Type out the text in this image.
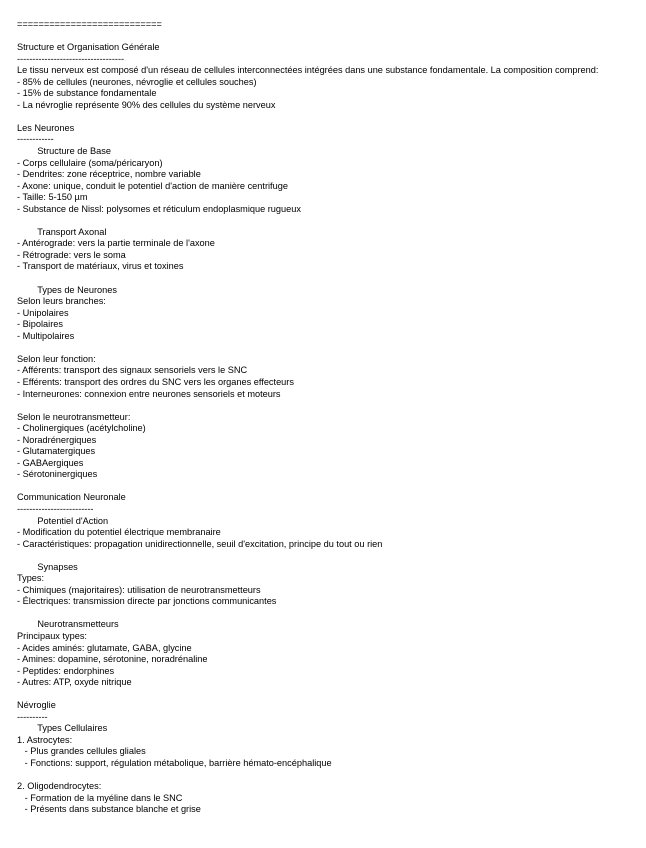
===========================

Structure et Organisation Générale
-----------------------------------
Le tissu nerveux est composé d'un réseau de cellules interconnectées intégrées dans une substance fondamentale. La composition comprend:
- 85% de cellules (neurones, névroglie et cellules souches)
- 15% de substance fondamentale
- La névroglie représente 90% des cellules du système nerveux

Les Neurones
------------
Structure de Base
- Corps cellulaire (soma/péricaryon)
- Dendrites: zone réceptrice, nombre variable
- Axone: unique, conduit le potentiel d'action de manière centrifuge
- Taille: 5-150 µm
- Substance de Nissl: polysomes et réticulum endoplasmique rugueux

Transport Axonal
- Antérograde: vers la partie terminale de l'axone
- Rétrograde: vers le soma
- Transport de matériaux, virus et toxines

Types de Neurones
Selon leurs branches:
- Unipolaires
- Bipolaires
- Multipolaires

Selon leur fonction:
- Afférents: transport des signaux sensoriels vers le SNC
- Efférents: transport des ordres du SNC vers les organes effecteurs
- Interneurones: connexion entre neurones sensoriels et moteurs

Selon le neurotransmetteur:
- Cholinergiques (acétylcholine)
- Noradrénergiques
- Glutamatergiques
- GABAergiques
- Sérotoninergiques

Communication Neuronale
-------------------------
Potentiel d'Action
- Modification du potentiel électrique membranaire
- Caractéristiques: propagation unidirectionnelle, seuil d'excitation, principe du tout ou rien

Synapses
Types:
- Chimiques (majoritaires): utilisation de neurotransmetteurs
- Électriques: transmission directe par jonctions communicantes

Neurotransmetteurs
Principaux types:
- Acides aminés: glutamate, GABA, glycine
- Amines: dopamine, sérotonine, noradrénaline
- Peptides: endorphines
- Autres: ATP, oxyde nitrique

Névroglie
----------
Types Cellulaires
1. Astrocytes:
- Plus grandes cellules gliales
- Fonctions: support, régulation métabolique, barrière hémato-encéphalique

2. Oligodendrocytes:
- Formation de la myéline dans le SNC
- Présents dans substance blanche et grise
